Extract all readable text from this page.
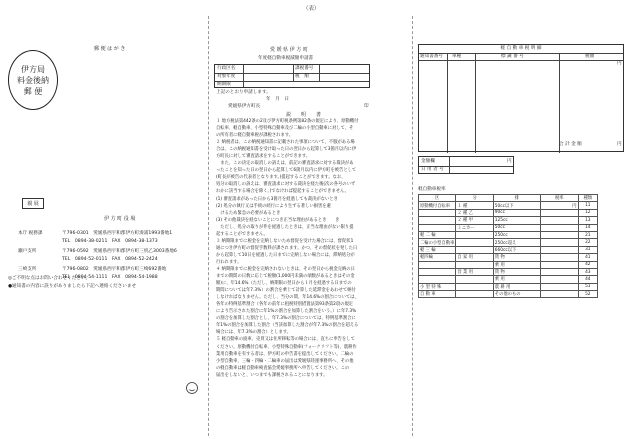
（表）
郵 便 は が き
伊方局
料金後納
郵 便
親 展
伊 方 町 役 場
本庁 税務課	〒796-0301　愛媛県西宇和郡伊方町湊浦1993番地1
TEL　0894-38-0211　FAX　0894-38-1373
瀬戸支所	〒796-0592　愛媛県西宇和郡伊方町三机乙3003番地6
TEL　0894-52-0111　FAX　0894-52-2424
三崎支所	〒796-0802　愛媛県西宇和郡伊方町三崎692番地
TEL　0894-54-1111　FAX　0894-54-1988
◎ご不明な点はお問い合わせください。
●通知書の内容に誤りがありましたら下記へ連絡くださいませ
愛 媛 県 伊 方 町
年度軽自動車税減額申請書
行政区名	課税番号
対象年度	税　額
納期限
上記のとおり申請します。
年　月　日
愛媛県伊方町長	印
説　　明　　書
１ 地方税法第442条の2及び伊方町税条例第82条の規定により、原動機付
自転車、軽自動車、小型特殊自動車及び二輪の小型自動車に対して、そ
の所有者に軽自動車税が課税されます。
２ 納税者は、この納税通知書に記載された事項について、不服がある場
合は、この納税通知書を受け取った日の翌日から起算して3箇月以内に伊
方町長に対して審査請求をすることができます。
　また、この決定の取消しの訴えは、前記の審査請求に対する裁決があ
ったことを知った日の翌日から起算して6箇月以内に伊方町を被告として
(町長が被告の代表者となります。)提起することができます。なお、
処分の取消しの訴えは、審査請求に対する裁決を経た後(次の各号のいず
れかに該当する場合を除く。)でなければ提起することができません。
(1) 審査請求があった日から3箇月を経過しても裁決がないとき
(2) 処分の執行又は手続の続行により生ずる著しい損害を避
　けるため緊急の必要があるとき
(3) その他裁決を経ないことにつき正当な理由があるとき　　き
　ただし、処分の取りが件を経過したときは、正当な理由がない限り提
起することができません。
３ 納期限までに税金を完納しないため督促を受けた場合には、督促状1
通につき伊方町の督促手数料が課されます。かつ、その督促状を発した日
から起算して10日を経過した日までに完納しない場合には、滞納処分が
行われます。
４ 納期限までに税金を完納されないときは、その翌日から税金完納の日
までの期間の日数に応じて税額(1,000円未満の端数があるときはその金
額)に、年14.6%（ただし、納期限の翌日から１月を経過する日までの
期間については年7.3%）の割合を乗じて計算した延滞金をあわせて納付
しなければなりません。ただし、当分の間、年14.6%の割合については、
各年の特例基準割合（各年の前年に租税特別措置法第93条第2項の規定
により告示された割合に年1%の割合を加算した割合をいう。）に年7.3%
の割合を加算した割合とし、年7.3%の割合については、特例基準割合に
年1%の割合を加算した割合（当該加算した割合が年7.3%の割合を超える
場合には、年7.3%の割合）とします。
５ 軽自動車の廃車、売買又は住所移転等の場合には、直ちに申告をして
ください。原動機付自転車、小型特殊自動車(フォークリフト等)、農耕作
業用自動車を有する者は、伊方町の申告書を提出してください。二輪の
小型自動車、三輪・四輪・二輪車の届出は愛媛県陸運事務所へ、その他
の軽自動車は軽自動車検査協会愛媛事務所へ申告してください。この
届出をしないと、いつまでも課税されることになります。
軽 自 動 車 税 明 細
通知書番号 車種	標 識 番 号	税額
円
合 計 金 額	円
金額欄	円
日 用 者 号
軽自動車税率
区	分	排	税率	種類
原動機付自転車	１ 種	50cc以下	円	11
	２ 種 乙	90cc		12
	２ 種 甲	125cc		13
	ミニカー	50cc		14
軽 二 輪		250cc		21
二輪の小型自動車		250cc超え		22
軽 三 輪		660cc以下		31
軽四輪	自 家 用	貨 物		41
		乗 用		42
	営 業 用	貨 物		43
		乗 用		44
小 型 特 殊		農 耕 用		51
自 動 車		その他のもの		52
